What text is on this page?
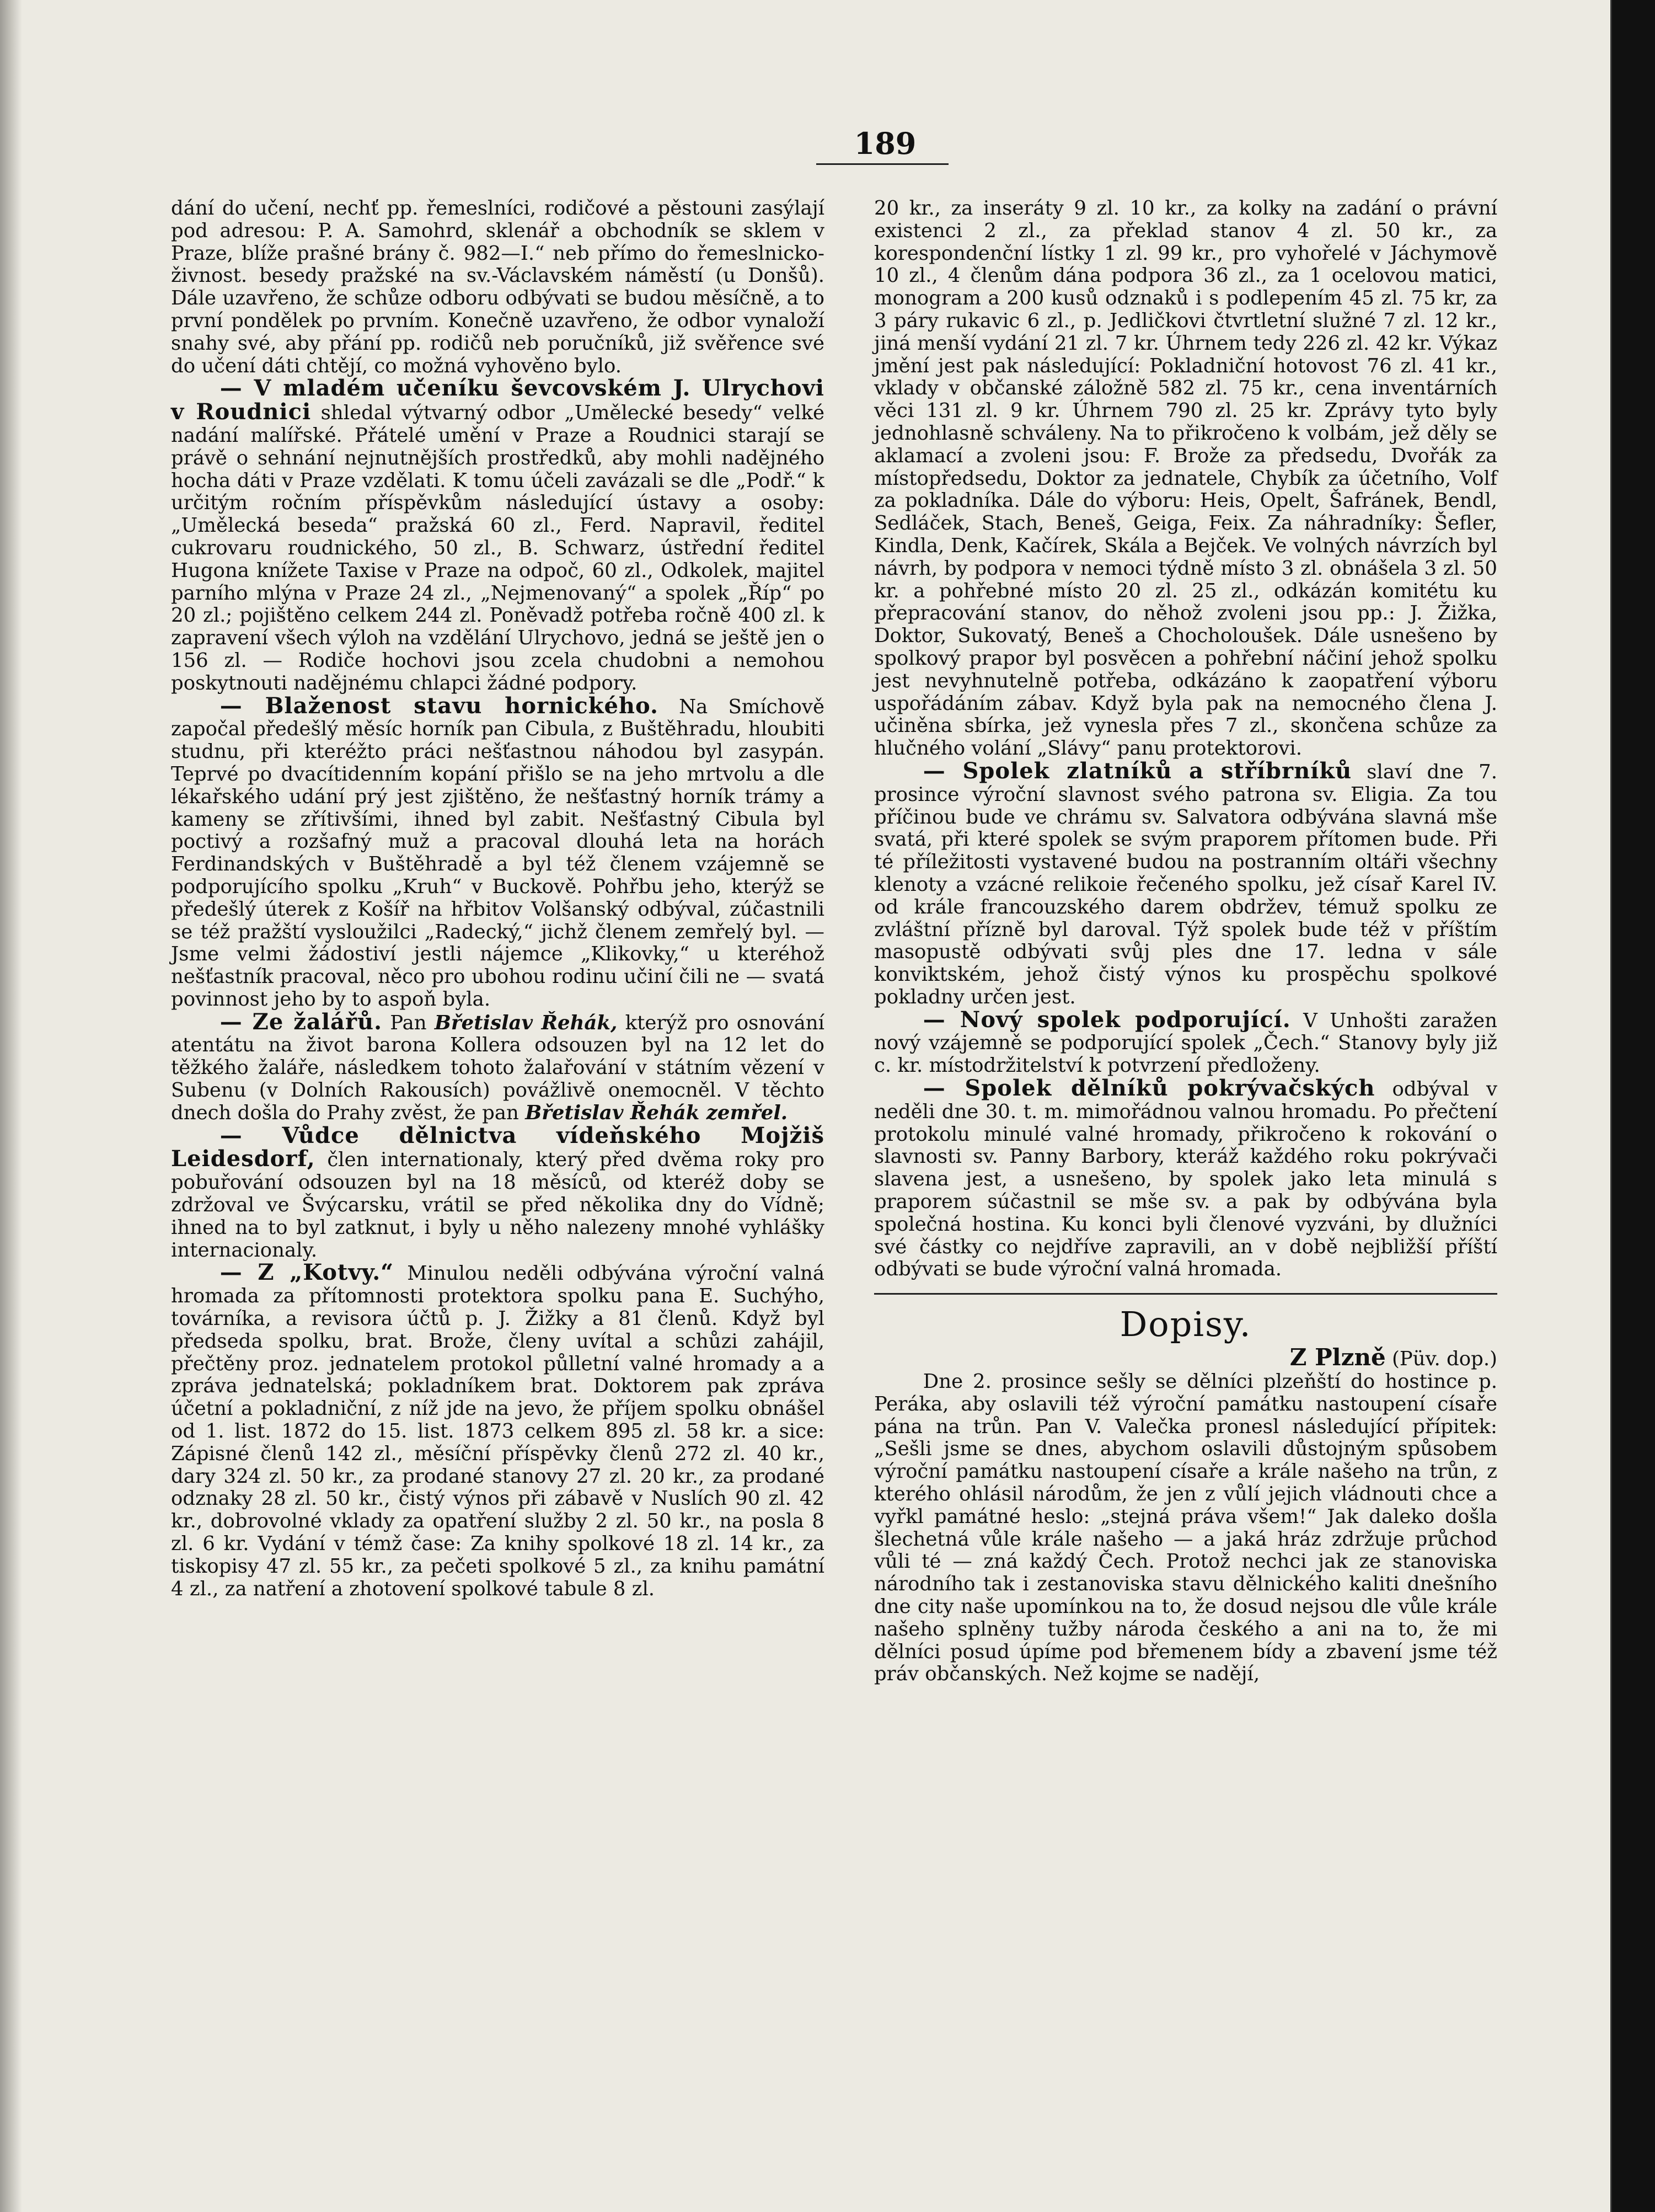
189

dání do učení, nechť pp. řemeslníci, rodičové a pěstouni zasýlají pod adresou: P. A. Samohrd, sklenář a obchodník se sklem v Praze, blíže prašné brány č. 982—I.“ neb přímo do řemeslnicko-živnost. besedy pražské na sv.-Václavském náměstí (u Donšů). Dále uzavřeno, že schůze odboru odbývati se budou měsíčně, a to první pondělek po prvním. Konečně uzavřeno, že odbor vynaloží snahy své, aby přání pp. rodičů neb poručníků, již svěřence své do učení dáti chtějí, co možná vyhověno bylo.

— V mladém učeníku ševcovském J. Ulrychovi v Roudnici shledal výtvarný odbor „Umělecké besedy“ velké nadání malířské. Přátelé umění v Praze a Roudnici starají se právě o sehnání nejnutnějších prostředků, aby mohli nadějného hocha dáti v Praze vzdělati. K tomu účeli zavázali se dle „Podř.“ k určitým ročním příspěvkům následující ústavy a osoby: „Umělecká beseda“ pražská 60 zl., Ferd. Napravil, ředitel cukrovaru roudnického, 50 zl., B. Schwarz, ústřední ředitel Hugona knížete Taxise v Praze na odpoč, 60 zl., Odkolek, majitel parního mlýna v Praze 24 zl., „Nejmenovaný“ a spolek „Říp“ po 20 zl.; pojištěno celkem 244 zl. Poněvadž potřeba ročně 400 zl. k zapravení všech výloh na vzdělání Ulrychovo, jedná se ještě jen o 156 zl. — Rodiče hochovi jsou zcela chudobni a nemohou poskytnouti nadějnému chlapci žádné podpory.

— Blaženost stavu hornického. Na Smíchově započal předešlý měsíc horník pan Cibula, z Buštěhradu, hloubiti studnu, při kteréžto práci nešťastnou náhodou byl zasypán. Teprvé po dvacítidenním kopání přišlo se na jeho mrtvolu a dle lékařského udání prý jest zjištěno, že nešťastný horník trámy a kameny se zřítivšími, ihned byl zabit. Nešťastný Cibula byl poctivý a rozšafný muž a pracoval dlouhá leta na horách Ferdinandských v Buštěhradě a byl též členem vzájemně se podporujícího spolku „Kruh“ v Buckově. Pohřbu jeho, kterýž se předešlý úterek z Košíř na hřbitov Volšanský odbýval, zúčastnili se též pražští vysloužilci „Radecký,“ jichž členem zemřelý byl. — Jsme velmi žádostiví jestli nájemce „Klikovky,“ u kteréhož nešťastník pracoval, něco pro ubohou rodinu učiní čili ne — svatá povinnost jeho by to aspoň byla.

— Ze žalářů. Pan Břetislav Řehák, kterýž pro osnování atentátu na život barona Kollera odsouzen byl na 12 let do těžkého žaláře, následkem tohoto žalařování v státním vězení v Subenu (v Dolních Rakousích) povážlivě onemocněl. V těchto dnech došla do Prahy zvěst, že pan Břetislav Řehák zemřel.

— Vůdce dělnictva vídeňského Mojžiš Leidesdorf, člen internationaly, který před dvěma roky pro pobuřování odsouzen byl na 18 měsíců, od kteréž doby se zdržoval ve Švýcarsku, vrátil se před několika dny do Vídně; ihned na to byl zatknut, i byly u něho nalezeny mnohé vyhlášky internacionaly.

— Z „Kotvy.“ Minulou neděli odbývána výroční valná hromada za přítomnosti protektora spolku pana E. Suchýho, továrníka, a revisora účtů p. J. Žižky a 81 členů. Když byl předseda spolku, brat. Brože, členy uvítal a schůzi zahájil, přečtěny proz. jednatelem protokol půlletní valné hromady a a zpráva jednatelská; pokladníkem brat. Doktorem pak zpráva účetní a pokladniční, z níž jde na jevo, že příjem spolku obnášel od 1. list. 1872 do 15. list. 1873 celkem 895 zl. 58 kr. a sice: Zápisné členů 142 zl., měsíční příspěvky členů 272 zl. 40 kr., dary 324 zl. 50 kr., za prodané stanovy 27 zl. 20 kr., za prodané odznaky 28 zl. 50 kr., čistý výnos při zábavě v Nuslích 90 zl. 42 kr., dobrovolné vklady za opatření služby 2 zl. 50 kr., na posla 8 zl. 6 kr. Vydání v témž čase: Za knihy spolkové 18 zl. 14 kr., za tiskopisy 47 zl. 55 kr., za pečeti spolkové 5 zl., za knihu památní 4 zl., za natření a zhotovení spolkové tabule 8 zl.

20 kr., za inseráty 9 zl. 10 kr., za kolky na zadání o právní existenci 2 zl., za překlad stanov 4 zl. 50 kr., za korespondenční lístky 1 zl. 99 kr., pro vyhořelé v Jáchymově 10 zl., 4 členům dána podpora 36 zl., za 1 ocelovou matici, monogram a 200 kusů odznaků i s podlepením 45 zl. 75 kr, za 3 páry rukavic 6 zl., p. Jedličkovi čtvrtletní služné 7 zl. 12 kr., jiná menší vydání 21 zl. 7 kr. Úhrnem tedy 226 zl. 42 kr. Výkaz jmění jest pak následující: Pokladniční hotovost 76 zl. 41 kr., vklady v občanské záložně 582 zl. 75 kr., cena inventárních věci 131 zl. 9 kr. Úhrnem 790 zl. 25 kr. Zprávy tyto byly jednohlasně schváleny. Na to přikročeno k volbám, jež děly se aklamací a zvoleni jsou: F. Brože za předsedu, Dvořák za místopředsedu, Doktor za jednatele, Chybík za účetního, Volf za pokladníka. Dále do výboru: Heis, Opelt, Šafránek, Bendl, Sedláček, Stach, Beneš, Geiga, Feix. Za náhradníky: Šefler, Kindla, Denk, Kačírek, Skála a Bejček. Ve volných návrzích byl návrh, by podpora v nemoci týdně místo 3 zl. obnášela 3 zl. 50 kr. a pohřebné místo 20 zl. 25 zl., odkázán komitétu ku přepracování stanov, do něhož zvoleni jsou pp.: J. Žižka, Doktor, Sukovatý, Beneš a Chocholoušek. Dále usnešeno by spolkový prapor byl posvěcen a pohřební náčiní jehož spolku jest nevyhnutelně potřeba, odkázáno k zaopatření výboru uspořádáním zábav. Když byla pak na nemocného člena J. učiněna sbírka, jež vynesla přes 7 zl., skončena schůze za hlučného volání „Slávy“ panu protektorovi.

— Spolek zlatníků a stříbrníků slaví dne 7. prosince výroční slavnost svého patrona sv. Eligia. Za tou příčinou bude ve chrámu sv. Salvatora odbývána slavná mše svatá, při které spolek se svým praporem přítomen bude. Při té příležitosti vystavené budou na postranním oltáři všechny klenoty a vzácné relikoie řečeného spolku, jež císař Karel IV. od krále francouzského darem obdržev, témuž spolku ze zvláštní přízně byl daroval. Týž spolek bude též v příštím masopustě odbývati svůj ples dne 17. ledna v sále konviktském, jehož čistý výnos ku prospěchu spolkové pokladny určen jest.

— Nový spolek podporující. V Unhošti zaražen nový vzájemně se podporující spolek „Čech.“ Stanovy byly již c. kr. místodržitelství k potvrzení předloženy.

— Spolek dělníků pokrývačských odbýval v neděli dne 30. t. m. mimořádnou valnou hromadu. Po přečtení protokolu minulé valné hromady, přikročeno k rokování o slavnosti sv. Panny Barbory, kteráž každého roku pokrývači slavena jest, a usnešeno, by spolek jako leta minulá s praporem súčastnil se mše sv. a pak by odbývána byla společná hostina. Ku konci byli členové vyzváni, by dlužníci své částky co nejdříve zapravili, an v době nejbližší příští odbývati se bude výroční valná hromada.

Dopisy.

Z Plzně (Püv. dop.)

Dne 2. prosince sešly se dělníci plzeňští do hostince p. Peráka, aby oslavili též výroční památku nastoupení císaře pána na trůn. Pan V. Valečka pronesl následující přípitek: „Sešli jsme se dnes, abychom oslavili důstojným spůsobem výroční památku nastoupení císaře a krále našeho na trůn, z kterého ohlásil národům, že jen z vůlí jejich vládnouti chce a vyřkl památné heslo: „stejná práva všem!“ Jak daleko došla šlechetná vůle krále našeho — a jaká hráz zdržuje průchod vůli té — zná každý Čech. Protož nechci jak ze stanoviska národního tak i zestanoviska stavu dělnického kaliti dnešního dne city naše upomínkou na to, že dosud nejsou dle vůle krále našeho splněny tužby národa českého a ani na to, že mi dělníci posud úpíme pod břemenem bídy a zbavení jsme též práv občanských. Než kojme se nadějí,
